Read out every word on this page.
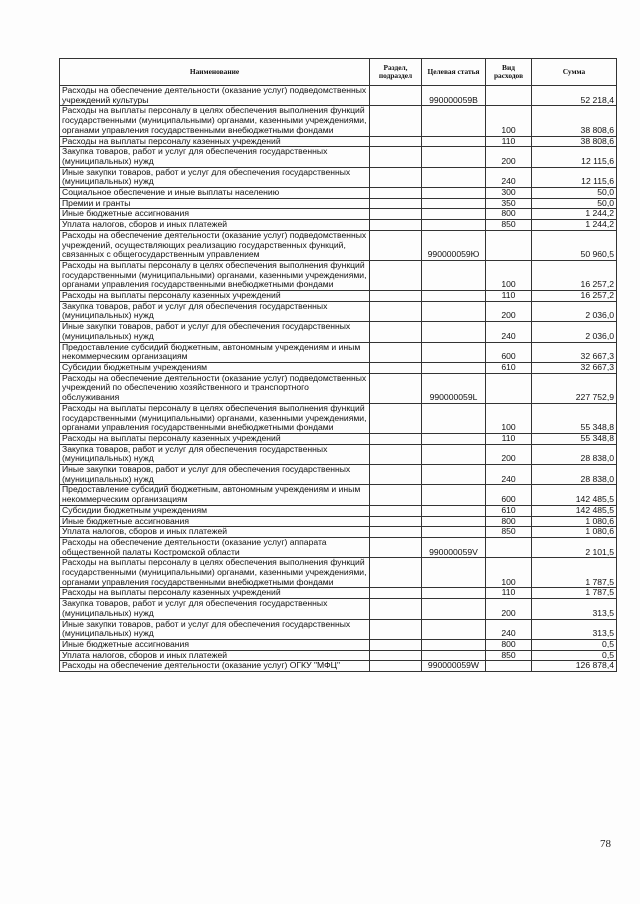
Наименование	Раздел, подраздел	Целевая статья	Вид расходов	Сумма
Расходы на обеспечение деятельности (оказание услуг) подведомственных учреждений культуры		990000059В		52 218,4
Расходы на выплаты персоналу в целях обеспечения выполнения функций государственными (муниципальными) органами, казенными учреждениями, органами управления государственными внебюджетными фондами			100	38 808,6
Расходы на выплаты персоналу казенных учреждений			110	38 808,6
Закупка товаров, работ и услуг для обеспечения государственных (муниципальных) нужд			200	12 115,6
Иные закупки товаров, работ и услуг для обеспечения государственных (муниципальных) нужд			240	12 115,6
Социальное обеспечение и иные выплаты населению			300	50,0
Премии и гранты			350	50,0
Иные бюджетные ассигнования			800	1 244,2
Уплата налогов, сборов и иных платежей			850	1 244,2
Расходы на обеспечение деятельности (оказание услуг) подведомственных учреждений, осуществляющих реализацию государственных функций, связанных с общегосударственным управлением		990000059Ю		50 960,5
Расходы на выплаты персоналу в целях обеспечения выполнения функций государственными (муниципальными) органами, казенными учреждениями, органами управления государственными внебюджетными фондами			100	16 257,2
Расходы на выплаты персоналу казенных учреждений			110	16 257,2
Закупка товаров, работ и услуг для обеспечения государственных (муниципальных) нужд			200	2 036,0
Иные закупки товаров, работ и услуг для обеспечения государственных (муниципальных) нужд			240	2 036,0
Предоставление субсидий бюджетным, автономным учреждениям и иным некоммерческим организациям			600	32 667,3
Субсидии бюджетным учреждениям			610	32 667,3
Расходы на обеспечение деятельности (оказание услуг) подведомственных учреждений по обеспечению хозяйственного и транспортного обслуживания		990000059L		227 752,9
Расходы на выплаты персоналу в целях обеспечения выполнения функций государственными (муниципальными) органами, казенными учреждениями, органами управления государственными внебюджетными фондами			100	55 348,8
Расходы на выплаты персоналу казенных учреждений			110	55 348,8
Закупка товаров, работ и услуг для обеспечения государственных (муниципальных) нужд			200	28 838,0
Иные закупки товаров, работ и услуг для обеспечения государственных (муниципальных) нужд			240	28 838,0
Предоставление субсидий бюджетным, автономным учреждениям и иным некоммерческим организациям			600	142 485,5
Субсидии бюджетным учреждениям			610	142 485,5
Иные бюджетные ассигнования			800	1 080,6
Уплата налогов, сборов и иных платежей			850	1 080,6
Расходы на обеспечение деятельности (оказание услуг) аппарата общественной палаты Костромской области		990000059V		2 101,5
Расходы на выплаты персоналу в целях обеспечения выполнения функций государственными (муниципальными) органами, казенными учреждениями, органами управления государственными внебюджетными фондами			100	1 787,5
Расходы на выплаты персоналу казенных учреждений			110	1 787,5
Закупка товаров, работ и услуг для обеспечения государственных (муниципальных) нужд			200	313,5
Иные закупки товаров, работ и услуг для обеспечения государственных (муниципальных) нужд			240	313,5
Иные бюджетные ассигнования			800	0,5
Уплата налогов, сборов и иных платежей			850	0,5
Расходы на обеспечение деятельности (оказание услуг) ОГКУ "МФЦ"		990000059W		126 878,4
78
